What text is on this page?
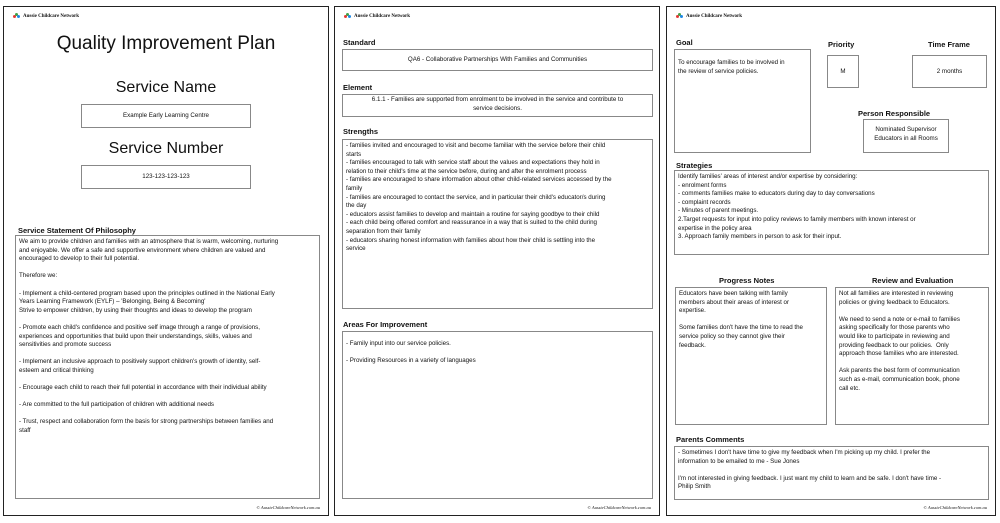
Aussie Childcare Network
Quality Improvement Plan
Service Name
Example Early Learning Centre
Service Number
123-123-123-123
Service Statement Of Philosophy
We aim to provide children and families with an atmosphere that is warm, welcoming, nurturing
and enjoyable. We offer a safe and supportive environment where children are valued and
encouraged to develop to their full potential.
Therefore we:
- Implement a child-centered program based upon the principles outlined in the National Early
Years Learning Framework (EYLF) – 'Belonging, Being & Becoming'
Strive to empower children, by using their thoughts and ideas to develop the program
- Promote each child's confidence and positive self image through a range of provisions,
experiences and opportunities that build upon their understandings, skills, values and
sensitivities and promote success
- Implement an inclusive approach to positively support children's growth of identity, self-
esteem and critical thinking
- Encourage each child to reach their full potential in accordance with their individual ability
- Are committed to the full participation of children with additional needs
- Trust, respect and collaboration form the basis for strong partnerships between families and
staff
© AussieChildcareNetwork.com.au
Aussie Childcare Network
Standard
QA6 - Collaborative Partnerships With Families and Communities
Element
6.1.1 - Families are supported from enrolment to be involved in the service and contribute to
service decisions.
Strengths
- families invited and encouraged to visit and become familiar with the service before their child
starts
- families encouraged to talk with service staff about the values and expectations they hold in
relation to their child's time at the service before, during and after the enrolment process
- families are encouraged to share information about other child-related services accessed by the
family
- families are encouraged to contact the service, and in particular their child's educator/s during
the day
- educators assist families to develop and maintain a routine for saying goodbye to their child
- each child being offered comfort and reassurance in a way that is suited to the child during
separation from their family
- educators sharing honest information with families about how their child is settling into the
service
Areas For Improvement
- Family input into our service policies.
- Providing Resources in a variety of languages
© AussieChildcareNetwork.com.au
Aussie Childcare Network
Goal
To encourage families to be involved in
the review of service policies.
Priority
M
Time Frame
2 months
Person Responsible
Nominated Supervisor
Educators in all Rooms
Strategies
Identify families' areas of interest and/or expertise by considering:
- enrolment forms
- comments families make to educators during day to day conversations
- complaint records
- Minutes of parent meetings.
2.Target requests for input into policy reviews to family members with known interest or
expertise in the policy area
3. Approach family members in person to ask for their input.
Progress Notes
Educators have been talking with family
members about their areas of interest or
expertise.
Some families don't have the time to read the
service policy so they cannot give their
feedback.
Review and Evaluation
Not all families are interested in reviewing
policies or giving feedback to Educators.
We need to send a note or e-mail to families
asking specifically for those parents who
would like to participate in reviewing and
providing feedback to our policies.  Only
approach those families who are interested.
Ask parents the best form of communication
such as e-mail, communication book, phone
call etc.
Parents Comments
- Sometimes I don't have time to give my feedback when I'm picking up my child. I prefer the
information to be emailed to me - Sue Jones
I'm not interested in giving feedback. I just want my child to learn and be safe. I don't have time -
Philip Smith
© AussieChildcareNetwork.com.au
